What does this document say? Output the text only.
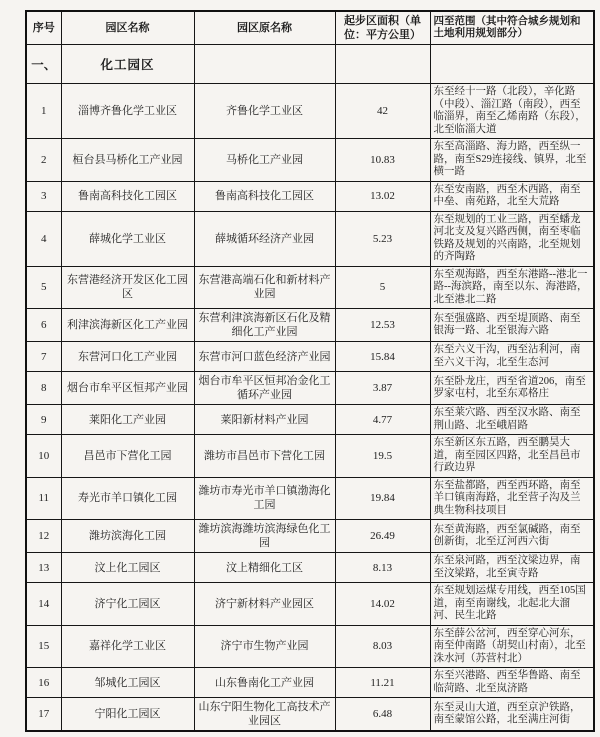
序号	园区名称	园区原名称	起步区面积（单位：平方公里）	四至范围（其中符合城乡规划和土地利用规划部分）
一、	化工园区			
1	淄博齐鲁化学工业区	齐鲁化学工业区	42	东至经十一路（北段），辛化路（中段）、淄江路（南段），西至临淄界，南至乙烯南路（东段），北至临淄大道
2	桓台县马桥化工产业园	马桥化工产业园	10.83	东至高淄路、海力路，西至纵一路，南至S29连接线、镇界，北至横一路
3	鲁南高科技化工园区	鲁南高科技化工园区	13.02	东至安南路，西至木西路，南至中垒、南苑路，北至大荒路
4	薛城化学工业区	薛城循环经济产业园	5.23	东至规划的工业三路，西至蟠龙河北支及复兴路西侧，南至枣临铁路及规划的兴南路，北至规划的齐陶路
5	东营港经济开发区化工园区	东营港高端石化和新材料产业园	5	东至观海路，西至东港路--港北一路--海滨路，南至以东、海港路，北至港北二路
6	利津滨海新区化工产业园	东营利津滨海新区石化及精细化工产业园	12.53	东至强盛路、西至堤顶路、南至银海一路、北至银海六路
7	东营河口化工产业园	东营市河口蓝色经济产业园	15.84	东至六义干沟，西至沾利河，南至六义干沟，北至生态河
8	烟台市牟平区恒邦产业园	烟台市牟平区恒邦冶金化工循环产业园	3.87	东至卧龙庄，西至省道206，南至罗家屯村，北至东邓格庄
9	莱阳化工产业园	莱阳新材料产业园	4.77	东至莱穴路、西至汉水路、南至荆山路、北至峨眉路
10	昌邑市下营化工园	潍坊市昌邑市下营化工园	19.5	东至新区东五路，西至鹏昊大道，南至园区四路，北至昌邑市行政边界
11	寿光市羊口镇化工园	潍坊市寿光市羊口镇渤海化工园	19.84	东至盐都路，西至西环路，南至羊口镇南海路，北至营子沟及兰典生物科技项目
12	潍坊滨海化工园	潍坊滨海潍坊滨海绿色化工园	26.49	东至黄海路，西至氯碱路，南至创新街，北至辽河西六街
13	汶上化工园区	汶上精细化工区	8.13	东至泉河路，西至汶梁边界，南至汶梁路，北至寅寺路
14	济宁化工园区	济宁新材料产业园区	14.02	东至规划运煤专用线，西至105国道，南至南谢线，北起北大溜河、民生北路
15	嘉祥化学工业区	济宁市生物产业园	8.03	东至薛公岔河，西至穿心河东，南至仲南路（胡契山村南），北至洙水河（苏营村北）
16	邹城化工园区	山东鲁南化工产业园	11.21	东至兴港路、西至华鲁路、南至临菏路、北至岚济路
17	宁阳化工园区	山东宁阳生物化工高技术产业园区	6.48	东至灵山大道，西至京沪铁路，南至蒙馆公路，北至满庄河街
